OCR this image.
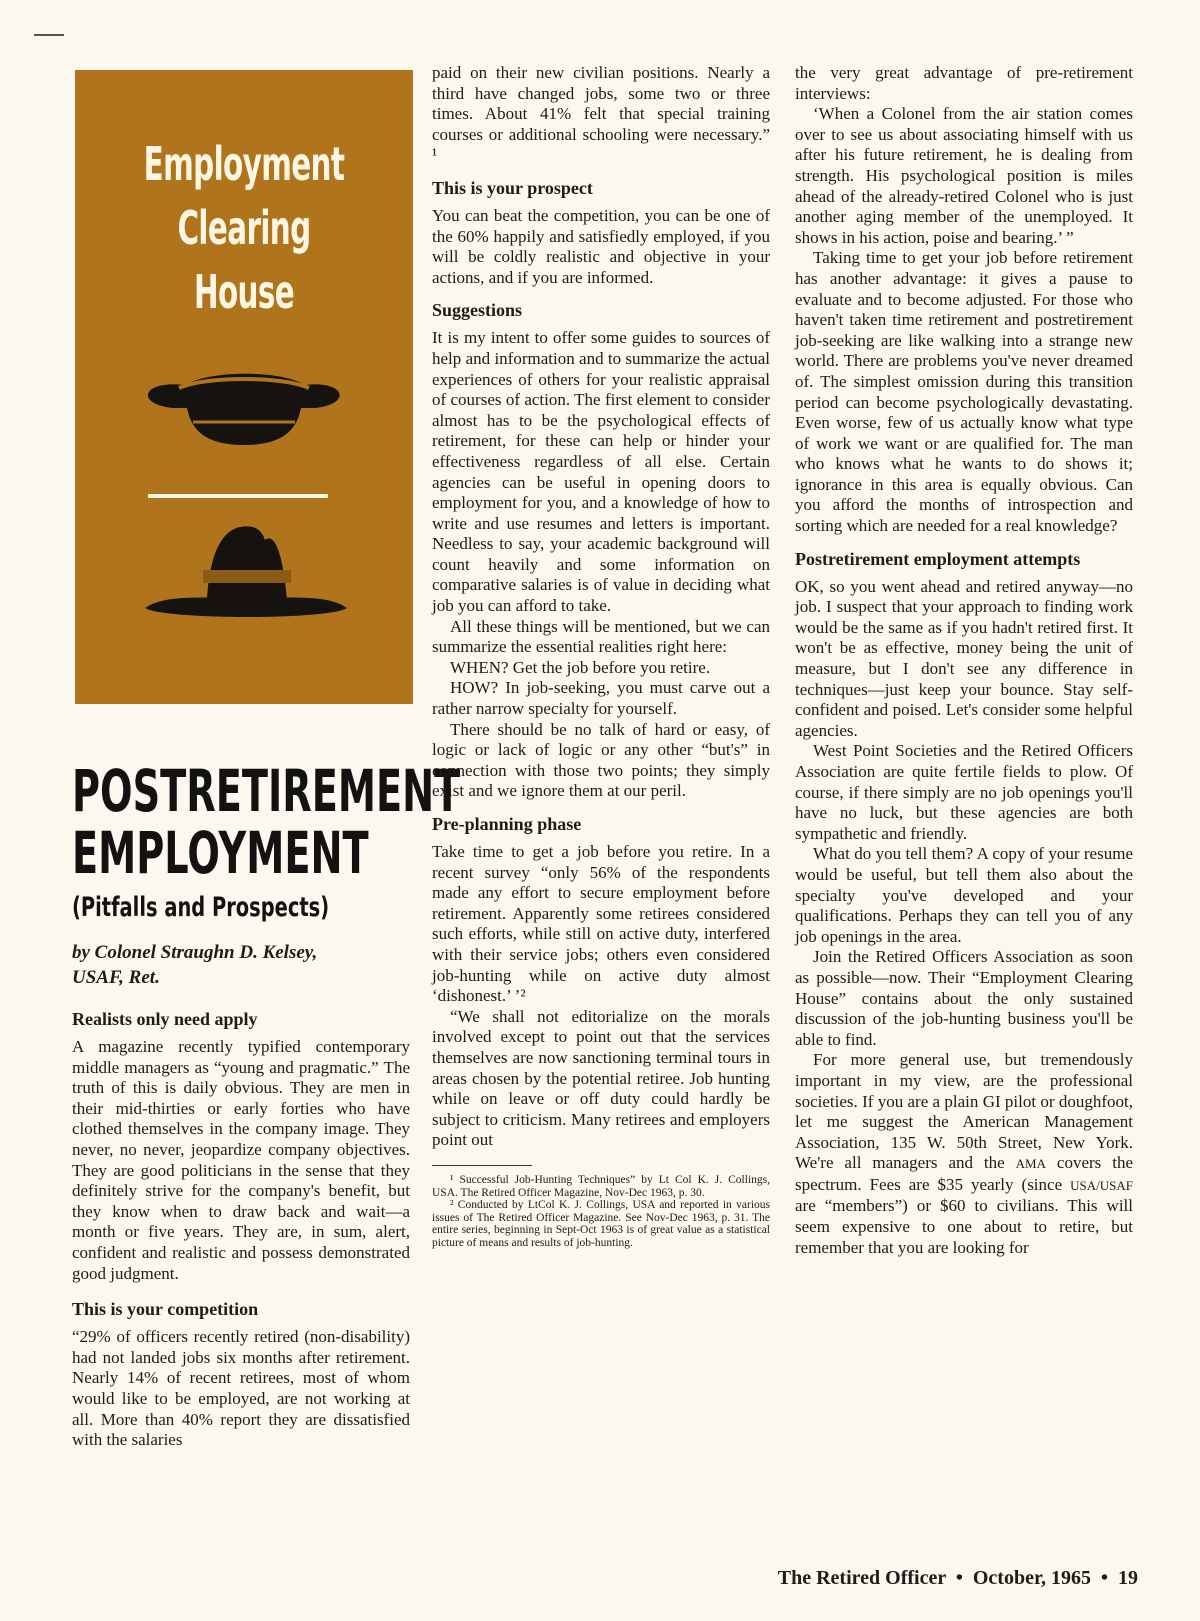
Employment
Clearing
House
POSTRETIREMENT
EMPLOYMENT
(Pitfalls and Prospects)
by Colonel Straughn D. Kelsey,
USAF, Ret.
Realists only need apply

A magazine recently typified contemporary middle managers as “young and pragmatic.” The truth of this is daily obvious. They are men in their mid-thirties or early forties who have clothed themselves in the company image. They never, no never, jeopardize company objectives. They are good politicians in the sense that they definitely strive for the company's benefit, but they know when to draw back and wait—a month or five years. They are, in sum, alert, confident and realistic and possess demonstrated good judgment.

This is your competition

“29% of officers recently retired (non-disability) had not landed jobs six months after retirement. Nearly 14% of recent retirees, most of whom would like to be employed, are not working at all. More than 40% report they are dissatisfied with the salaries

paid on their new civilian positions. Nearly a third have changed jobs, some two or three times. About 41% felt that special training courses or additional schooling were necessary.” ¹

This is your prospect

You can beat the competition, you can be one of the 60% happily and satisfiedly employed, if you will be coldly realistic and objective in your actions, and if you are informed.

Suggestions

It is my intent to offer some guides to sources of help and information and to summarize the actual experiences of others for your realistic appraisal of courses of action. The first element to consider almost has to be the psychological effects of retirement, for these can help or hinder your effectiveness regardless of all else. Certain agencies can be useful in opening doors to employment for you, and a knowledge of how to write and use resumes and letters is important. Needless to say, your academic background will count heavily and some information on comparative salaries is of value in deciding what job you can afford to take.

All these things will be mentioned, but we can summarize the essential realities right here:

WHEN? Get the job before you retire.

HOW? In job-seeking, you must carve out a rather narrow specialty for yourself.

There should be no talk of hard or easy, of logic or lack of logic or any other “but's” in connection with those two points; they simply exist and we ignore them at our peril.

Pre-planning phase

Take time to get a job before you retire. In a recent survey “only 56% of the respondents made any effort to secure employment before retirement. Apparently some retirees considered such efforts, while still on active duty, interfered with their service jobs; others even considered job-hunting while on active duty almost ‘dishonest.’ ’²

“We shall not editorialize on the morals involved except to point out that the services themselves are now sanctioning terminal tours in areas chosen by the potential retiree. Job hunting while on leave or off duty could hardly be subject to criticism. Many retirees and employers point out

¹ Successful Job-Hunting Techniques” by Lt Col K. J. Collings, USA. The Retired Officer Magazine, Nov-Dec 1963, p. 30.

² Conducted by LtCol K. J. Collings, USA and reported in various issues of The Retired Officer Magazine. See Nov-Dec 1963, p. 31. The entire series, beginning in Sept-Oct 1963 is of great value as a statistical picture of means and results of job-hunting.

the very great advantage of pre-retirement interviews:

‘When a Colonel from the air station comes over to see us about associating himself with us after his future retirement, he is dealing from strength. His psychological position is miles ahead of the already-retired Colonel who is just another aging member of the unemployed. It shows in his action, poise and bearing.’ ”

Taking time to get your job before retirement has another advantage: it gives a pause to evaluate and to become adjusted. For those who haven't taken time retirement and postretirement job-seeking are like walking into a strange new world. There are problems you've never dreamed of. The simplest omission during this transition period can become psychologically devastating. Even worse, few of us actually know what type of work we want or are qualified for. The man who knows what he wants to do shows it; ignorance in this area is equally obvious. Can you afford the months of introspection and sorting which are needed for a real knowledge?

Postretirement employment attempts

OK, so you went ahead and retired anyway—no job. I suspect that your approach to finding work would be the same as if you hadn't retired first. It won't be as effective, money being the unit of measure, but I don't see any difference in techniques—just keep your bounce. Stay self-confident and poised. Let's consider some helpful agencies.

West Point Societies and the Retired Officers Association are quite fertile fields to plow. Of course, if there simply are no job openings you'll have no luck, but these agencies are both sympathetic and friendly.

What do you tell them? A copy of your resume would be useful, but tell them also about the specialty you've developed and your qualifications. Perhaps they can tell you of any job openings in the area.

Join the Retired Officers Association as soon as possible—now. Their “Employment Clearing House” contains about the only sustained discussion of the job-hunting business you'll be able to find.

For more general use, but tremendously important in my view, are the professional societies. If you are a plain GI pilot or doughfoot, let me suggest the American Management Association, 135 W. 50th Street, New York. We're all managers and the AMA covers the spectrum. Fees are $35 yearly (since USA/USAF are “members”) or $60 to civilians. This will seem expensive to one about to retire, but remember that you are looking for

The Retired Officer  •  October, 1965  •  19
